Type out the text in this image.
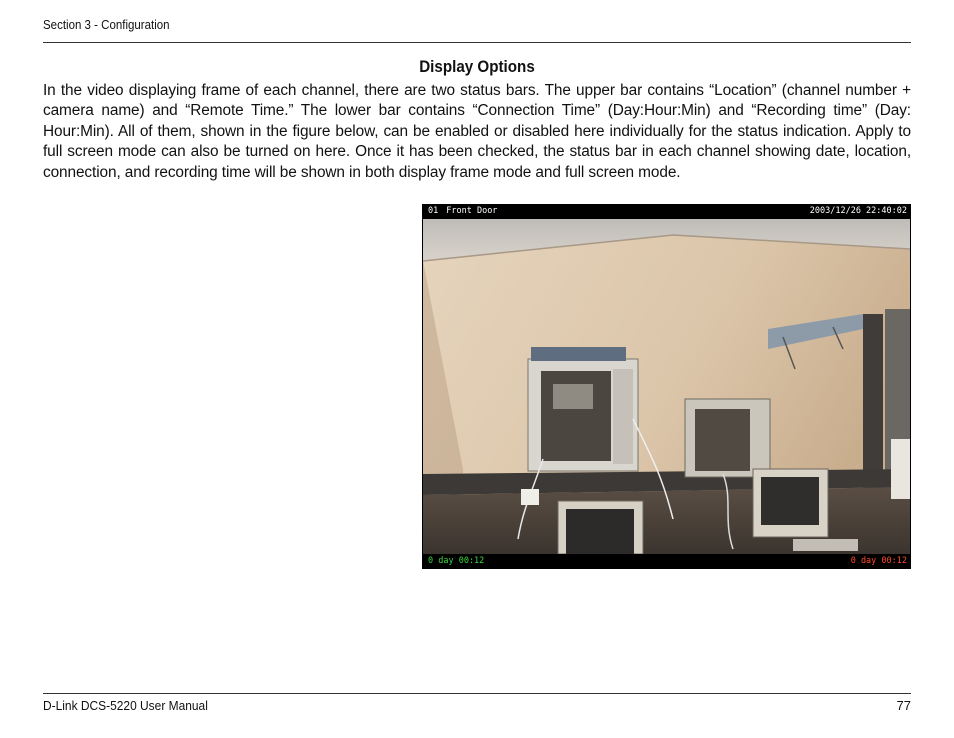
Section 3 - Configuration
Display Options
In the video displaying frame of each channel, there are two status bars. The upper bar contains “Location” (channel number + camera name) and “Remote Time.” The lower bar contains “Connection Time” (Day:Hour:Min) and “Recording time” (Day: Hour:Min). All of them, shown in the figure below, can be enabled or disabled here individually for the status indication. Apply to full screen mode can also be turned on here. Once it has been checked, the status bar in each channel showing date, location, connection, and recording time will be shown in both display frame mode and full screen mode.
01 Front Door	2003/12/26 22:40:02
0 day 00:12	0 day 00:12
D-Link DCS-5220 User Manual	77
